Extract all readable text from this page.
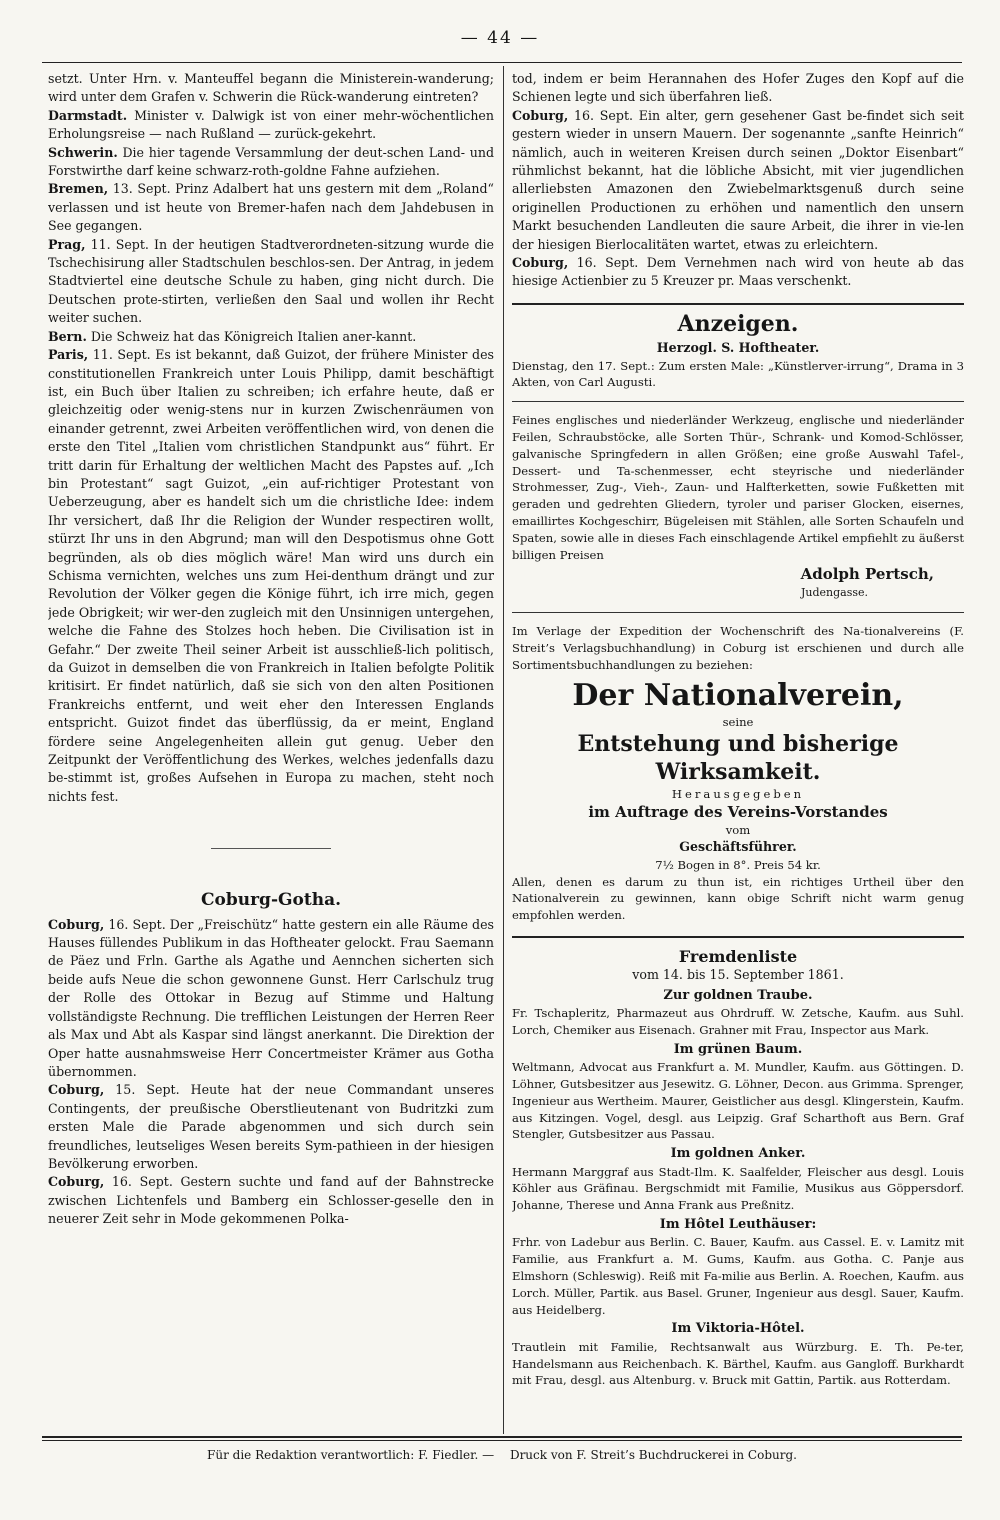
— 44 —

setzt. Unter Hrn. v. Manteuffel begann die Ministerein-wanderung; wird unter dem Grafen v. Schwerin die Rück-wanderung eintreten?

Darmstadt. Minister v. Dalwigk ist von einer mehr-wöchentlichen Erholungsreise — nach Rußland — zurück-gekehrt.

Schwerin. Die hier tagende Versammlung der deut-schen Land- und Forstwirthe darf keine schwarz-roth-goldne Fahne aufziehen.

Bremen, 13. Sept. Prinz Adalbert hat uns gestern mit dem „Roland“ verlassen und ist heute von Bremer-hafen nach dem Jahdebusen in See gegangen.

Prag, 11. Sept. In der heutigen Stadtverordneten-sitzung wurde die Tschechisirung aller Stadtschulen beschlos-sen. Der Antrag, in jedem Stadtviertel eine deutsche Schule zu haben, ging nicht durch. Die Deutschen prote-stirten, verließen den Saal und wollen ihr Recht weiter suchen.

Bern. Die Schweiz hat das Königreich Italien aner-kannt.

Paris, 11. Sept. Es ist bekannt, daß Guizot, der frühere Minister des constitutionellen Frankreich unter Louis Philipp, damit beschäftigt ist, ein Buch über Italien zu schreiben; ich erfahre heute, daß er gleichzeitig oder wenig-stens nur in kurzen Zwischenräumen von einander getrennt, zwei Arbeiten veröffentlichen wird, von denen die erste den Titel „Italien vom christlichen Standpunkt aus“ führt. Er tritt darin für Erhaltung der weltlichen Macht des Papstes auf. „Ich bin Protestant“ sagt Guizot, „ein auf-richtiger Protestant von Ueberzeugung, aber es handelt sich um die christliche Idee: indem Ihr versichert, daß Ihr die Religion der Wunder respectiren wollt, stürzt Ihr uns in den Abgrund; man will den Despotismus ohne Gott begründen, als ob dies möglich wäre! Man wird uns durch ein Schisma vernichten, welches uns zum Hei-denthum drängt und zur Revolution der Völker gegen die Könige führt, ich irre mich, gegen jede Obrigkeit; wir wer-den zugleich mit den Unsinnigen untergehen, welche die Fahne des Stolzes hoch heben. Die Civilisation ist in Gefahr.“ Der zweite Theil seiner Arbeit ist ausschließ-lich politisch, da Guizot in demselben die von Frankreich in Italien befolgte Politik kritisirt. Er findet natürlich, daß sie sich von den alten Positionen Frankreichs entfernt, und weit eher den Interessen Englands entspricht. Guizot findet das überflüssig, da er meint, England fördere seine Angelegenheiten allein gut genug. Ueber den Zeitpunkt der Veröffentlichung des Werkes, welches jedenfalls dazu be-stimmt ist, großes Aufsehen in Europa zu machen, steht noch nichts fest.

Coburg-Gotha.

Coburg, 16. Sept. Der „Freischütz“ hatte gestern ein alle Räume des Hauses füllendes Publikum in das Hoftheater gelockt. Frau Saemann de Päez und Frln. Garthe als Agathe und Aennchen sicherten sich beide aufs Neue die schon gewonnene Gunst. Herr Carlschulz trug der Rolle des Ottokar in Bezug auf Stimme und Haltung vollständigste Rechnung. Die trefflichen Leistungen der Herren Reer als Max und Abt als Kaspar sind längst anerkannt. Die Direktion der Oper hatte ausnahmsweise Herr Concertmeister Krämer aus Gotha übernommen.

Coburg, 15. Sept. Heute hat der neue Commandant unseres Contingents, der preußische Oberstlieutenant von Budritzki zum ersten Male die Parade abgenommen und sich durch sein freundliches, leutseliges Wesen bereits Sym-pathieen in der hiesigen Bevölkerung erworben.

Coburg, 16. Sept. Gestern suchte und fand auf der Bahnstrecke zwischen Lichtenfels und Bamberg ein Schlosser-geselle den in neuerer Zeit sehr in Mode gekommenen Polka-

tod, indem er beim Herannahen des Hofer Zuges den Kopf auf die Schienen legte und sich überfahren ließ.

Coburg, 16. Sept. Ein alter, gern gesehener Gast be-findet sich seit gestern wieder in unsern Mauern. Der sogenannte „sanfte Heinrich“ nämlich, auch in weiteren Kreisen durch seinen „Doktor Eisenbart“ rühmlichst bekannt, hat die löbliche Absicht, mit vier jugendlichen allerliebsten Amazonen den Zwiebelmarktsgenuß durch seine originellen Productionen zu erhöhen und namentlich den unsern Markt besuchenden Landleuten die saure Arbeit, die ihrer in vie-len der hiesigen Bierlocalitäten wartet, etwas zu erleichtern.

Coburg, 16. Sept. Dem Vernehmen nach wird von heute ab das hiesige Actienbier zu 5 Kreuzer pr. Maas verschenkt.

Anzeigen.
Herzogl. S. Hoftheater.

Dienstag, den 17. Sept.: Zum ersten Male: „Künstlerver-irrung“, Drama in 3 Akten, von Carl Augusti.

Feines englisches und niederländer Werkzeug, englische und niederländer Feilen, Schraubstöcke, alle Sorten Thür-, Schrank- und Komod-Schlösser, galvanische Springfedern in allen Größen; eine große Auswahl Tafel-, Dessert- und Ta-schenmesser, echt steyrische und niederländer Strohmesser, Zug-, Vieh-, Zaun- und Halfterketten, sowie Fußketten mit geraden und gedrehten Gliedern, tyroler und pariser Glocken, eisernes, emaillirtes Kochgeschirr, Bügeleisen mit Stählen, alle Sorten Schaufeln und Spaten, sowie alle in dieses Fach einschlagende Artikel empfiehlt zu äußerst billigen Preisen

Adolph Pertsch,
Judengasse.

Im Verlage der Expedition der Wochenschrift des Na-tionalvereins (F. Streit’s Verlagsbuchhandlung) in Coburg ist erschienen und durch alle Sortimentsbuchhandlungen zu beziehen:

Der Nationalverein,
seine
Entstehung und bisherige Wirksamkeit.
Herausgegeben
im Auftrage des Vereins-Vorstandes
vom
Geschäftsführer.
7½ Bogen in 8°. Preis 54 kr.

Allen, denen es darum zu thun ist, ein richtiges Urtheil über den Nationalverein zu gewinnen, kann obige Schrift nicht warm genug empfohlen werden.

Fremdenliste
vom 14. bis 15. September 1861.
Zur goldnen Traube.

Fr. Tschapleritz, Pharmazeut aus Ohrdruff. W. Zetsche, Kaufm. aus Suhl. Lorch, Chemiker aus Eisenach. Grahner mit Frau, Inspector aus Mark.

Im grünen Baum.

Weltmann, Advocat aus Frankfurt a. M. Mundler, Kaufm. aus Göttingen. D. Löhner, Gutsbesitzer aus Jesewitz. G. Löhner, Decon. aus Grimma. Sprenger, Ingenieur aus Wertheim. Maurer, Geistlicher aus desgl. Klingerstein, Kaufm. aus Kitzingen. Vogel, desgl. aus Leipzig. Graf Scharthoft aus Bern. Graf Stengler, Gutsbesitzer aus Passau.

Im goldnen Anker.

Hermann Marggraf aus Stadt-Ilm. K. Saalfelder, Fleischer aus desgl. Louis Köhler aus Gräfinau. Bergschmidt mit Familie, Musikus aus Göppersdorf. Johanne, Therese und Anna Frank aus Preßnitz.

Im Hôtel Leuthäuser:

Frhr. von Ladebur aus Berlin. C. Bauer, Kaufm. aus Cassel. E. v. Lamitz mit Familie, aus Frankfurt a. M. Gums, Kaufm. aus Gotha. C. Panje aus Elmshorn (Schleswig). Reiß mit Fa-milie aus Berlin. A. Roechen, Kaufm. aus Lorch. Müller, Partik. aus Basel. Gruner, Ingenieur aus desgl. Sauer, Kaufm. aus Heidelberg.

Im Viktoria-Hôtel.

Trautlein mit Familie, Rechtsanwalt aus Würzburg. E. Th. Pe-ter, Handelsmann aus Reichenbach. K. Bärthel, Kaufm. aus Gangloff. Burkhardt mit Frau, desgl. aus Altenburg. v. Bruck mit Gattin, Partik. aus Rotterdam.

Für die Redaktion verantwortlich: F. Fiedler. — Druck von F. Streit’s Buchdruckerei in Coburg.
